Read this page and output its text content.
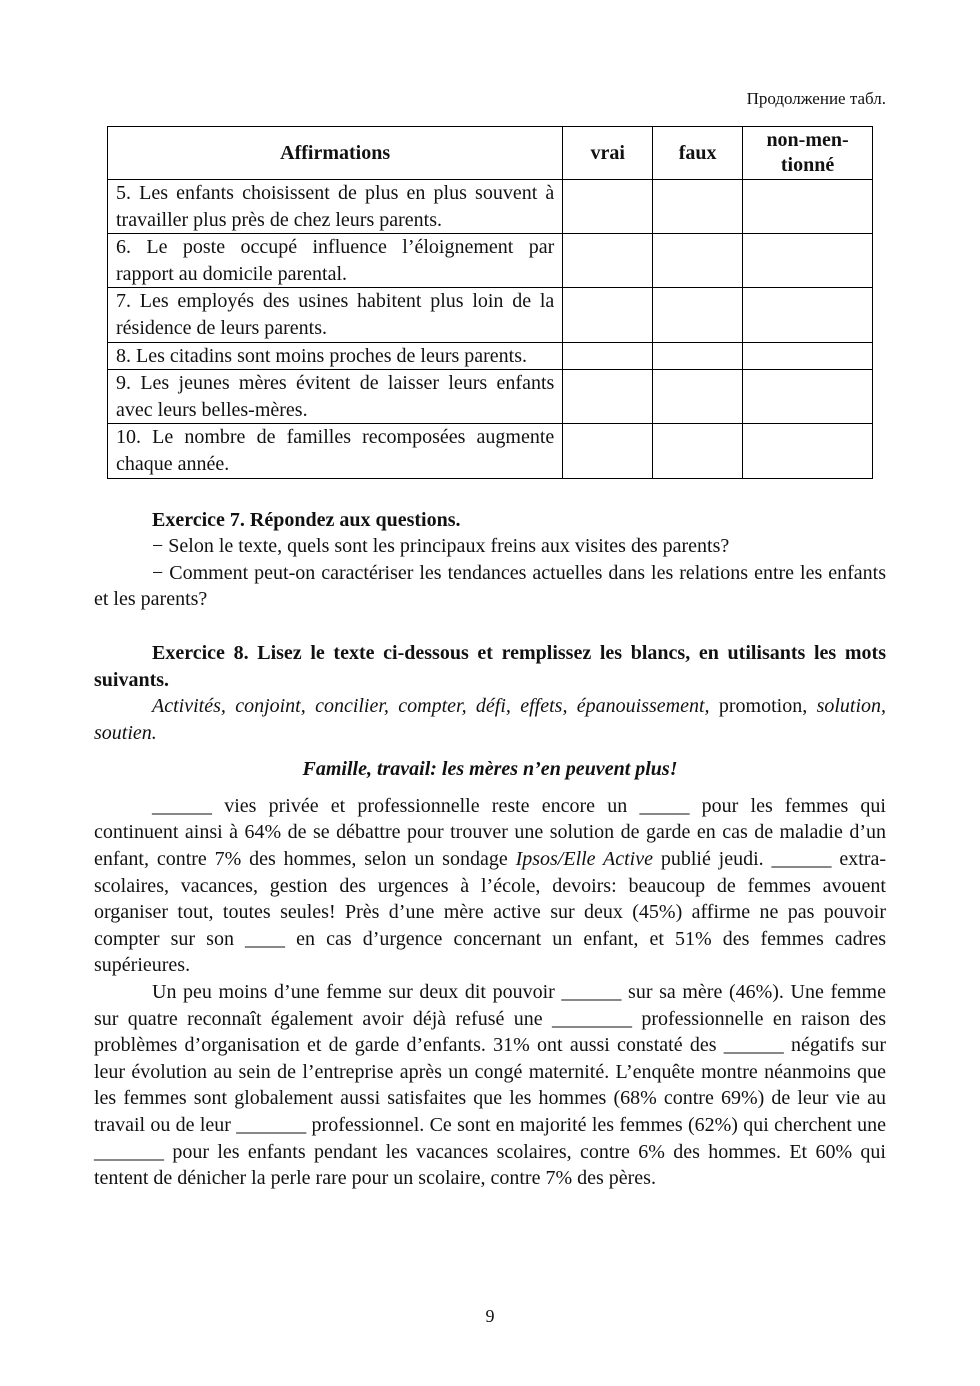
Продолжение табл.
Affirmations	vrai	faux	non-men-
tionné
5. Les enfants choisissent de plus en plus souvent à travailler plus près de chez leurs parents.			
6. Le poste occupé influence l’éloignement par rapport au domicile parental.			
7. Les employés des usines habitent plus loin de la résidence de leurs parents.			
8. Les citadins sont moins proches de leurs parents.			
9. Les jeunes mères évitent de laisser leurs enfants avec leurs belles-mères.			
10. Le nombre de familles recomposées augmente chaque année.			
Exercice 7. Répondez aux questions.
− Selon le texte, quels sont les principaux freins aux visites des parents?
− Comment peut-on caractériser les tendances actuelles dans les relations entre les enfants et les parents?
Exercice 8. Lisez le texte ci-dessous et remplissez les blancs, en utilisants les mots suivants.
Activités, conjoint, concilier, compter, défi, effets, épanouissement, promotion, solution, soutien.
Famille, travail: les mères n’en peuvent plus!
______ vies privée et professionnelle reste encore un _____ pour les femmes qui continuent ainsi à 64% de se débattre pour trouver une solution de garde en cas de maladie d’un enfant, contre 7% des hommes, selon un sondage Ipsos/Elle Active publié jeudi. ______ extra-scolaires, vacances, gestion des urgences à l’école, devoirs: beaucoup de femmes avouent organiser tout, toutes seules! Près d’une mère active sur deux (45%) affirme ne pas pouvoir compter sur son ____ en cas d’urgence concernant un enfant, et 51% des femmes cadres supérieures.
Un peu moins d’une femme sur deux dit pouvoir ______ sur sa mère (46%). Une femme sur quatre reconnaît également avoir déjà refusé une ________ professionnelle en raison des problèmes d’organisation et de garde d’enfants. 31% ont aussi constaté des ______ négatifs sur leur évolution au sein de l’entreprise après un congé maternité. L’enquête montre néanmoins que les femmes sont globalement aussi satisfaites que les hommes (68% contre 69%) de leur vie au travail ou de leur _______ professionnel. Ce sont en majorité les femmes (62%) qui cherchent une _______ pour les enfants pendant les vacances scolaires, contre 6% des hommes. Et 60% qui tentent de dénicher la perle rare pour un scolaire, contre 7% des pères.
9
